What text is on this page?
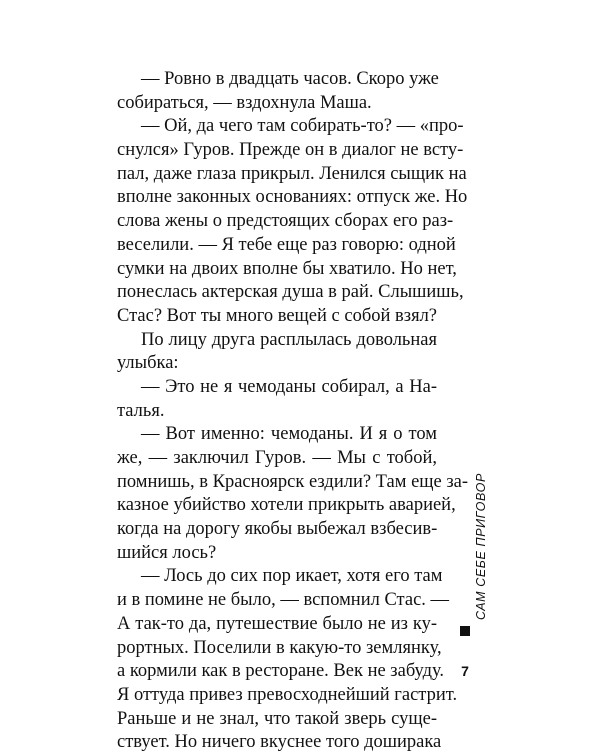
— Ровно в двадцать часов. Скоро уже
собираться, — вздохнула Маша.
— Ой, да чего там собирать-то? — «про-
снулся» Гуров. Прежде он в диалог не всту-
пал, даже глаза прикрыл. Ленился сыщик на
вполне законных основаниях: отпуск же. Но
слова жены о предстоящих сборах его раз-
веселили. — Я тебе еще раз говорю: одной
сумки на двоих вполне бы хватило. Но нет,
понеслась актерская душа в рай. Слышишь,
Стас? Вот ты много вещей с собой взял?
По лицу друга расплылась довольная
улыбка:
— Это не я чемоданы собирал, а На-
талья.
— Вот именно: чемоданы. И я о том
же, — заключил Гуров. — Мы с тобой,
помнишь, в Красноярск ездили? Там еще за-
казное убийство хотели прикрыть аварией,
когда на дорогу якобы выбежал взбесив-
шийся лось?
— Лось до сих пор икает, хотя его там
и в помине не было, — вспомнил Стас. —
А так-то да, путешествие было не из ку-
рортных. Поселили в какую-то землянку,
а кормили как в ресторане. Век не забуду.
Я оттуда привез превосходнейший гастрит.
Раньше и не знал, что такой зверь суще-
ствует. Но ничего вкуснее того доширака
САМ СЕБЕ ПРИГОВОР
7
